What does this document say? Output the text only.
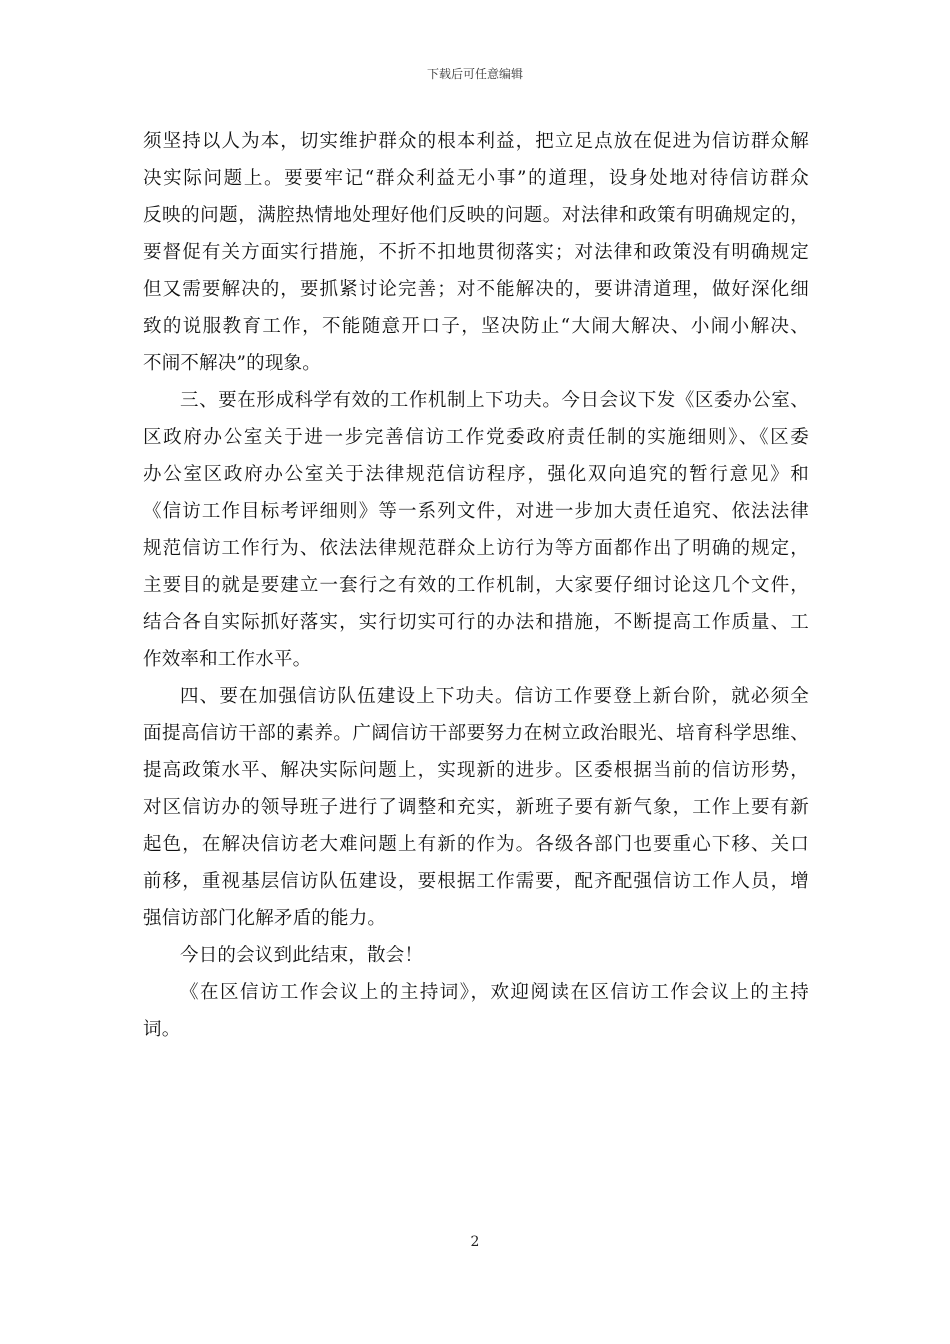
下载后可任意编辑
须坚持以人为本，切实维护群众的根本利益，把立足点放在促进为信访群众解
决实际问题上。要要牢记“群众利益无小事”的道理，设身处地对待信访群众
反映的问题，满腔热情地处理好他们反映的问题。对法律和政策有明确规定的，
要督促有关方面实行措施，不折不扣地贯彻落实；对法律和政策没有明确规定
但又需要解决的，要抓紧讨论完善；对不能解决的，要讲清道理，做好深化细
致的说服教育工作，不能随意开口子，坚决防止“大闹大解决、小闹小解决、
不闹不解决”的现象。
三、要在形成科学有效的工作机制上下功夫。今日会议下发《区委办公室、
区政府办公室关于进一步完善信访工作党委政府责任制的实施细则》、《区委
办公室区政府办公室关于法律规范信访程序，强化双向追究的暂行意见》和
《信访工作目标考评细则》等一系列文件，对进一步加大责任追究、依法法律
规范信访工作行为、依法法律规范群众上访行为等方面都作出了明确的规定，
主要目的就是要建立一套行之有效的工作机制，大家要仔细讨论这几个文件，
结合各自实际抓好落实，实行切实可行的办法和措施，不断提高工作质量、工
作效率和工作水平。
四、要在加强信访队伍建设上下功夫。信访工作要登上新台阶，就必须全
面提高信访干部的素养。广阔信访干部要努力在树立政治眼光、培育科学思维、
提高政策水平、解决实际问题上，实现新的进步。区委根据当前的信访形势，
对区信访办的领导班子进行了调整和充实，新班子要有新气象，工作上要有新
起色，在解决信访老大难问题上有新的作为。各级各部门也要重心下移、关口
前移，重视基层信访队伍建设，要根据工作需要，配齐配强信访工作人员，增
强信访部门化解矛盾的能力。
今日的会议到此结束，散会！
《在区信访工作会议上的主持词》，欢迎阅读在区信访工作会议上的主持
词。
2
